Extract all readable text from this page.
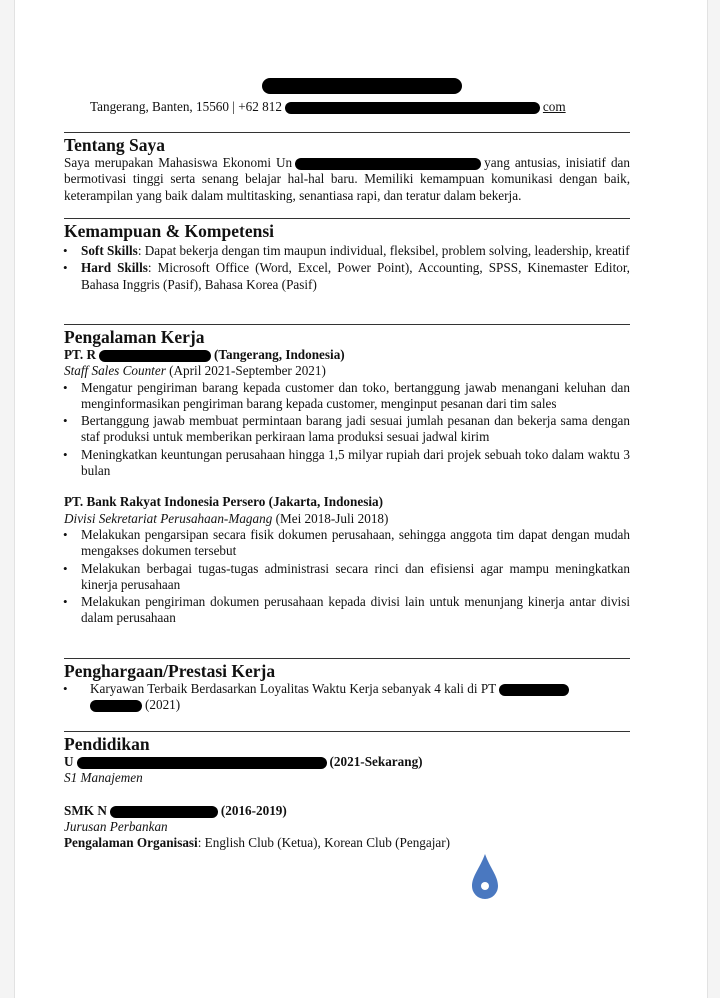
Tangerang, Banten, 15560 | +62 812	com
Tentang Saya
Saya merupakan Mahasiswa Ekonomi Un	yang antusias, inisiatif dan bermotivasi tinggi serta senang belajar hal-hal baru. Memiliki kemampuan komunikasi dengan baik, keterampilan yang baik dalam multitasking, senantiasa rapi, dan teratur dalam bekerja.
Kemampuan & Kompetensi
• Soft Skills: Dapat bekerja dengan tim maupun individual, fleksibel, problem solving, leadership, kreatif
• Hard Skills: Microsoft Office (Word, Excel, Power Point), Accounting, SPSS, Kinemaster Editor, Bahasa Inggris (Pasif), Bahasa Korea (Pasif)
Pengalaman Kerja
PT. R	(Tangerang, Indonesia)
Staff Sales Counter (April 2021-September 2021)
• Mengatur pengiriman barang kepada customer dan toko, bertanggung jawab menangani keluhan dan menginformasikan pengiriman barang kepada customer, menginput pesanan dari tim sales
• Bertanggung jawab membuat permintaan barang jadi sesuai jumlah pesanan dan bekerja sama dengan staf produksi untuk memberikan perkiraan lama produksi sesuai jadwal kirim
• Meningkatkan keuntungan perusahaan hingga 1,5 milyar rupiah dari projek sebuah toko dalam waktu 3 bulan
PT. Bank Rakyat Indonesia Persero (Jakarta, Indonesia)
Divisi Sekretariat Perusahaan-Magang (Mei 2018-Juli 2018)
• Melakukan pengarsipan secara fisik dokumen perusahaan, sehingga anggota tim dapat dengan mudah mengakses dokumen tersebut
• Melakukan berbagai tugas-tugas administrasi secara rinci dan efisiensi agar mampu meningkatkan kinerja perusahaan
• Melakukan pengiriman dokumen perusahaan kepada divisi lain untuk menunjang kinerja antar divisi dalam perusahaan
Penghargaan/Prestasi Kerja
• Karyawan Terbaik Berdasarkan Loyalitas Waktu Kerja sebanyak 4 kali di PT
(2021)
Pendidikan
U	(2021-Sekarang)
S1 Manajemen
SMK N	(2016-2019)
Jurusan Perbankan
Pengalaman Organisasi: English Club (Ketua), Korean Club (Pengajar)
